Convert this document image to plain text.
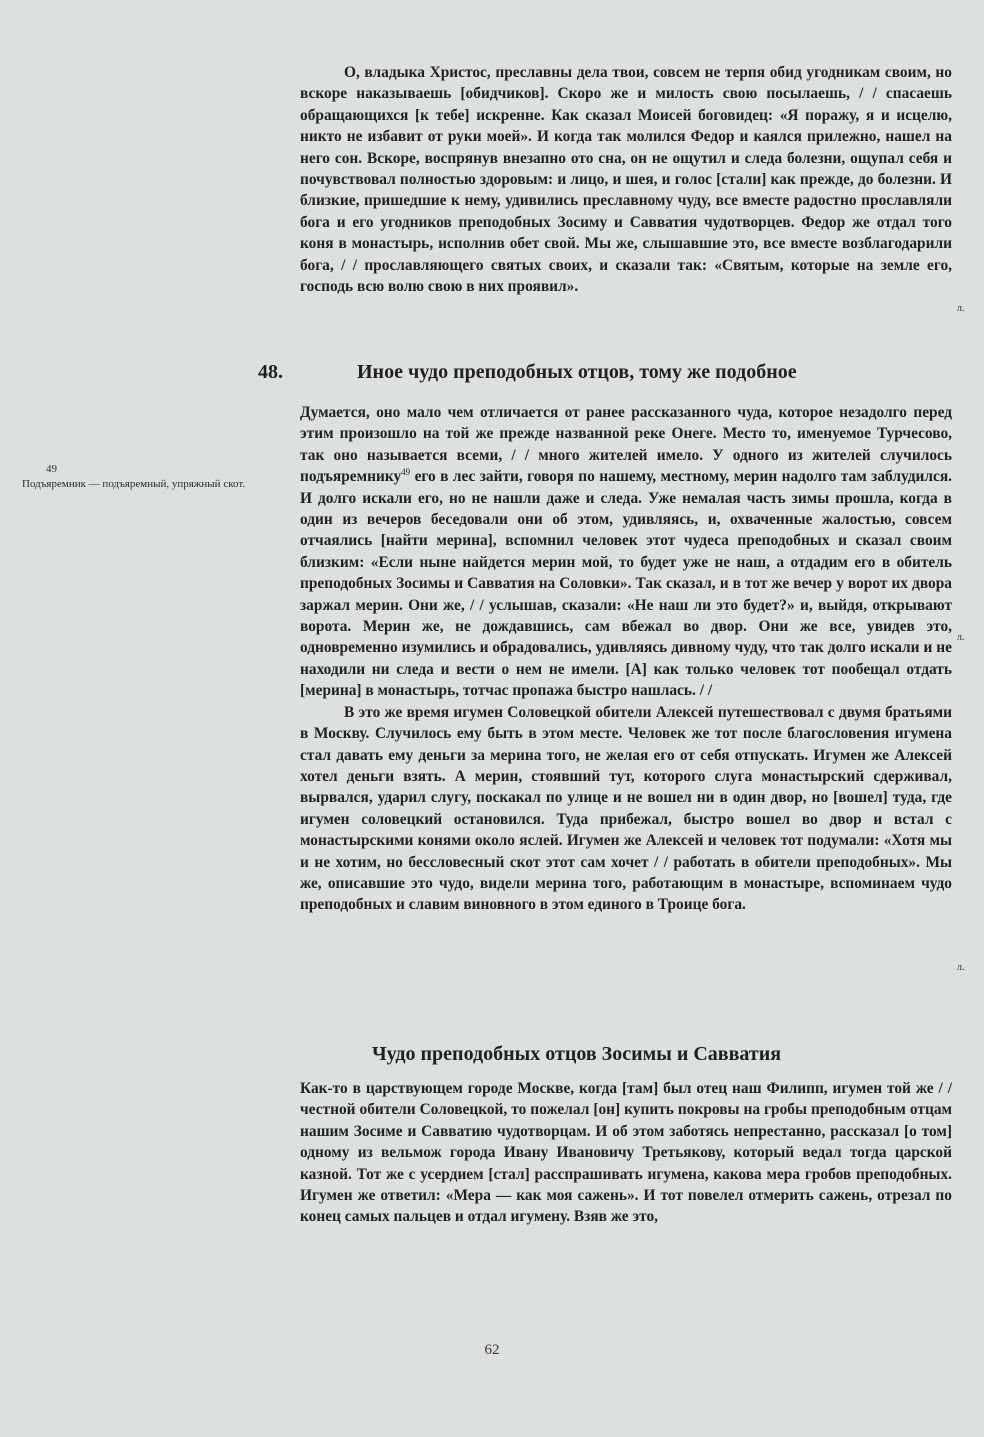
О, владыка Христос, преславны дела твои, совсем не терпя обид угодникам своим, но вскоре наказываешь [обидчиков]. Скоро же и милость свою посылаешь, / / спасаешь обращающихся [к тебе] искренне. Как сказал Моисей боговидец: «Я поражу, я и исцелю, никто не избавит от руки моей». И когда так молился Федор и каялся прилежно, нашел на него сон. Вскоре, воспрянув внезапно ото сна, он не ощутил и следа болезни, ощупал себя и почувствовал полностью здоровым: и лицо, и шея, и голос [стали] как прежде, до болезни. И близкие, пришедшие к нему, удивились преславному чуду, все вместе радостно прославляли бога и его угодников преподобных Зосиму и Савватия чудотворцев. Федор же отдал того коня в монастырь, исполнив обет свой. Мы же, слышавшие это, все вместе возблагодарили бога, / / прославляющего святых своих, и сказали так: «Святым, которые на земле его, господь всю волю свою в них проявил».

48.	Иное чудо преподобных отцов, тому же подобное

Думается, оно мало чем отличается от ранее рассказанного чуда, которое незадолго перед этим произошло на той же прежде названной реке Онеге. Место то, именуемое Турчесово, так оно называется всеми, / / много жителей имело. У одного из жителей случилось подъяремнику$^{49}$ его в лес зайти, говоря по нашему, местному, мерин надолго там заблудился. И долго искали его, но не нашли даже и следа. Уже немалая часть зимы прошла, когда в один из вечеров беседовали они об этом, удивляясь, и, охваченные жалостью, совсем отчаялись [найти мерина], вспомнил человек этот чудеса преподобных и сказал своим близким: «Если ныне найдется мерин мой, то будет уже не наш, а отдадим его в обитель преподобных Зосимы и Савватия на Соловки». Так сказал, и в тот же вечер у ворот их двора заржал мерин. Они же, / / услышав, сказали: «Не наш ли это будет?» и, выйдя, открывают ворота. Мерин же, не дождавшись, сам вбежал во двор. Они же все, увидев это, одновременно изумились и обрадовались, удивляясь дивному чуду, что так долго искали и не находили ни следа и вести о нем не имели. [А] как только человек тот пообещал отдать [мерина] в монастырь, тотчас пропажа быстро нашлась. / /

В это же время игумен Соловецкой обители Алексей путешествовал с двумя братьями в Москву. Случилось ему быть в этом месте. Человек же тот после благословения игумена стал давать ему деньги за мерина того, не желая его от себя отпускать. Игумен же Алексей хотел деньги взять. А мерин, стоявший тут, которого слуга монастырский сдерживал, вырвался, ударил слугу, поскакал по улице и не вошел ни в один двор, но [вошел] туда, где игумен соловецкий остановился. Туда прибежал, быстро вошел во двор и встал с монастырскими конями около яслей. Игумен же Алексей и человек тот подумали: «Хотя мы и не хотим, но бессловесный скот этот сам хочет / / работать в обители преподобных». Мы же, описавшие это чудо, видели мерина того, работающим в монастыре, вспоминаем чудо преподобных и славим виновного в этом единого в Троице бога.

Чудо преподобных отцов Зосимы и Савватия

Как-то в царствующем городе Москве, когда [там] был отец наш Филипп, игумен той же / / честной обители Соловецкой, то пожелал [он] купить покровы на гробы преподобным отцам нашим Зосиме и Савватию чудотворцам. И об этом заботясь непрестанно, рассказал [о том] одному из вельмож города Ивану Ивановичу Третьякову, который ведал тогда царской казной. Тот же с усердием [стал] расспрашивать игумена, какова мера гробов преподобных. Игумен же ответил: «Мера — как моя сажень». И тот повелел отмерить сажень, отрезал по конец самых пальцев и отдал игумену. Взяв же это,

49
Подъяремник — подъяремный, упряжный скот.
л.
л.
л.
62
